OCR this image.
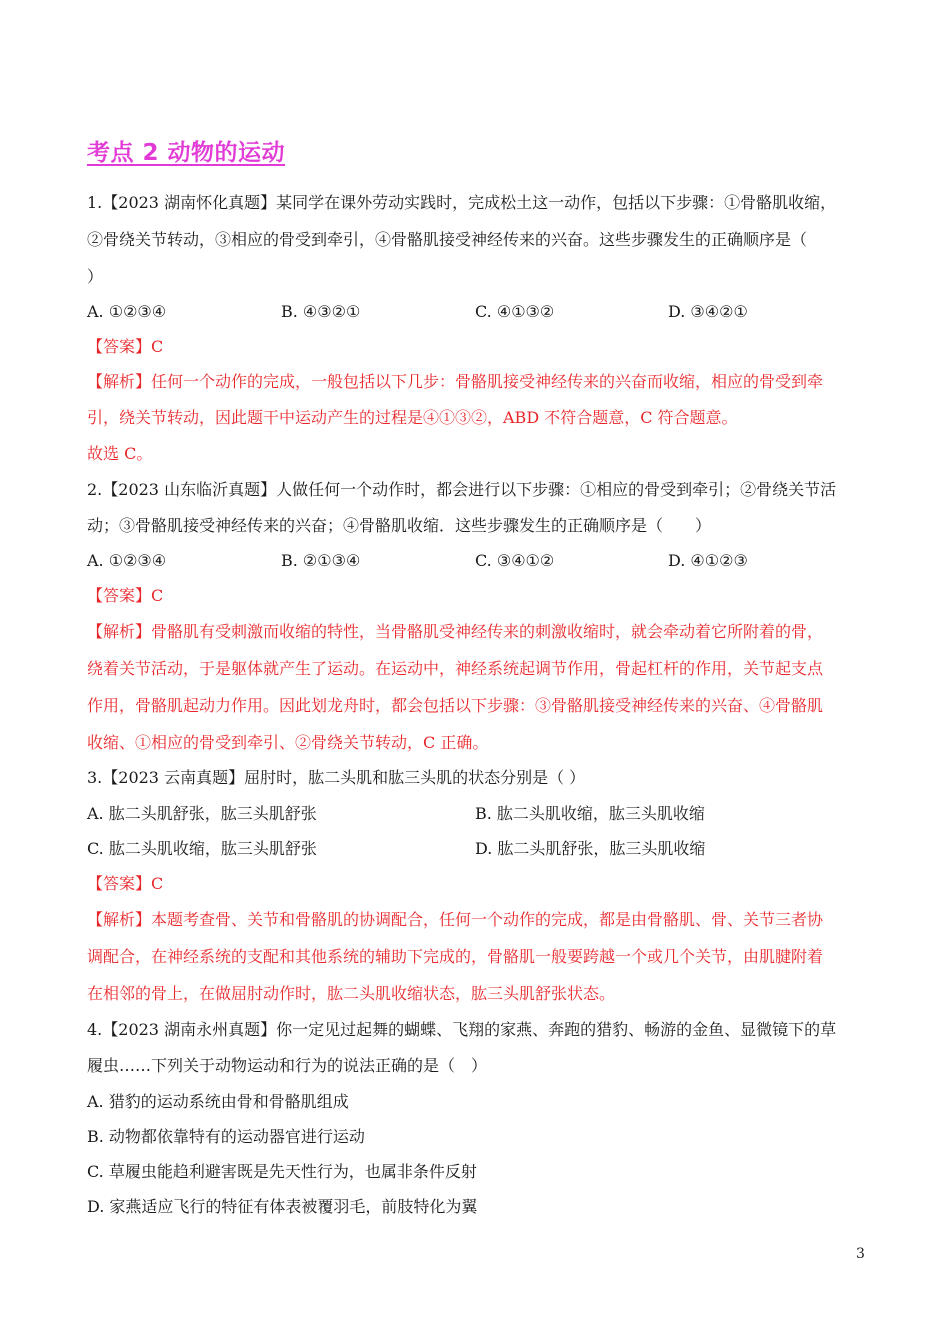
考点 2 动物的运动
1.【2023 湖南怀化真题】某同学在课外劳动实践时，完成松土这一动作，包括以下步骤：①骨骼肌收缩，
②骨绕关节转动，③相应的骨受到牵引，④骨骼肌接受神经传来的兴奋。这些步骤发生的正确顺序是（
）
A. ①②③④	B. ④③②①	C. ④①③②	D. ③④②①
【答案】C
【解析】任何一个动作的完成，一般包括以下几步：骨骼肌接受神经传来的兴奋而收缩，相应的骨受到牵
引，绕关节转动，因此题干中运动产生的过程是④①③②，ABD 不符合题意，C 符合题意。
故选 C。
2.【2023 山东临沂真题】人做任何一个动作时，都会进行以下步骤：①相应的骨受到牵引；②骨绕关节活
动；③骨骼肌接受神经传来的兴奋；④骨骼肌收缩．这些步骤发生的正确顺序是（　　）
A. ①②③④	B. ②①③④	C. ③④①②	D. ④①②③
【答案】C
【解析】骨骼肌有受刺激而收缩的特性，当骨骼肌受神经传来的刺激收缩时，就会牵动着它所附着的骨，
绕着关节活动，于是躯体就产生了运动。在运动中，神经系统起调节作用，骨起杠杆的作用，关节起支点
作用，骨骼肌起动力作用。因此划龙舟时，都会包括以下步骤：③骨骼肌接受神经传来的兴奋、④骨骼肌
收缩、①相应的骨受到牵引、②骨绕关节转动，C 正确。
3.【2023 云南真题】屈肘时，肱二头肌和肱三头肌的状态分别是（ ）
A. 肱二头肌舒张，肱三头肌舒张	B. 肱二头肌收缩，肱三头肌收缩
C. 肱二头肌收缩，肱三头肌舒张	D. 肱二头肌舒张，肱三头肌收缩
【答案】C
【解析】本题考查骨、关节和骨骼肌的协调配合，任何一个动作的完成，都是由骨骼肌、骨、关节三者协
调配合，在神经系统的支配和其他系统的辅助下完成的，骨骼肌一般要跨越一个或几个关节，由肌腱附着
在相邻的骨上，在做屈肘动作时，肱二头肌收缩状态，肱三头肌舒张状态。
4.【2023 湖南永州真题】你一定见过起舞的蝴蝶、飞翔的家燕、奔跑的猎豹、畅游的金鱼、显微镜下的草
履虫……下列关于动物运动和行为的说法正确的是（　）
A. 猎豹的运动系统由骨和骨骼肌组成
B. 动物都依靠特有的运动器官进行运动
C. 草履虫能趋利避害既是先天性行为，也属非条件反射
D. 家燕适应飞行的特征有体表被覆羽毛，前肢特化为翼
3
